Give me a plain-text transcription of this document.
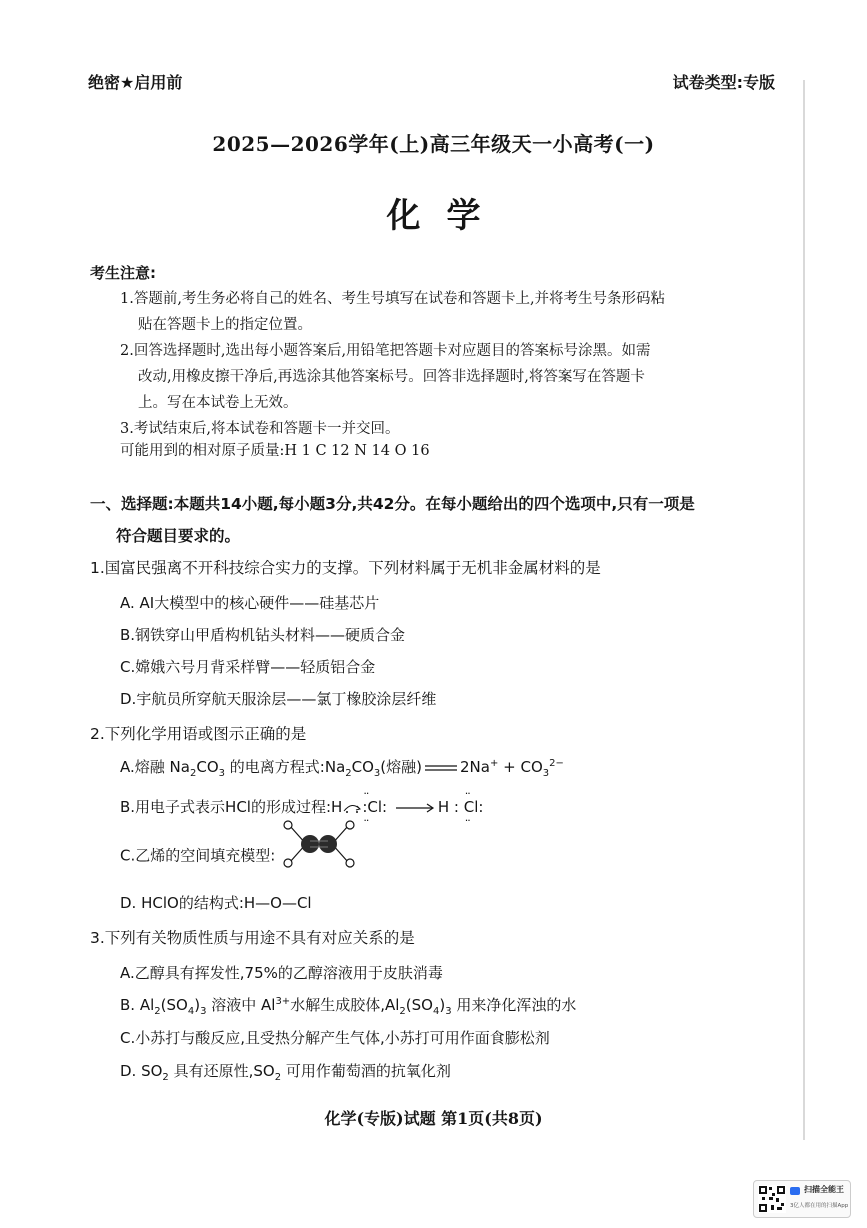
绝密★启用前	试卷类型:专版
2025—2026学年(上)高三年级天一小高考(一)
化学
考生注意:
1.答题前,考生务必将自己的姓名、考生号填写在试卷和答题卡上,并将考生号条形码粘
贴在答题卡上的指定位置。
2.回答选择题时,选出每小题答案后,用铅笔把答题卡对应题目的答案标号涂黑。如需
改动,用橡皮擦干净后,再选涂其他答案标号。回答非选择题时,将答案写在答题卡
上。写在本试卷上无效。
3.考试结束后,将本试卷和答题卡一并交回。
可能用到的相对原子质量:H 1 C 12 N 14 O 16
一、选择题:本题共14小题,每小题3分,共42分。在每小题给出的四个选项中,只有一项是
符合题目要求的。
1.国富民强离不开科技综合实力的支撑。下列材料属于无机非金属材料的是
A. AI大模型中的核心硬件——硅基芯片
B.钢铁穿山甲盾构机钻头材料——硬质合金
C.嫦娥六号月背采样臂——轻质铝合金
D.宇航员所穿航天服涂层——氯丁橡胶涂层纤维
2.下列化学用语或图示正确的是
A.熔融 $Na_2CO_3$ 的电离方程式$:Na_2CO_3$(熔融)	$2Na^+ + CO_3^{2-}$
B.用电子式表示HCl的形成过程:H ·· :Cl: ·· → H : ·· Cl: ··
C.乙烯的空间填充模型:
D. HClO的结构式:H—O—Cl
3.下列有关物质性质与用途不具有对应关系的是
A.乙醇具有挥发性,75%的乙醇溶液用于皮肤消毒
B. $Al_2(SO_4)_3$ 溶液中 $Al^{3+}$水解生成胶体$,Al_2(SO_4)_3$ 用来净化浑浊的水
C.小苏打与酸反应,且受热分解产生气体,小苏打可用作面食膨松剂
D. $SO_2$ 具有还原性$,SO_2$ 可用作葡萄酒的抗氧化剂
化学(专版)试题 第1页(共8页)
扫描全能王
3亿人都在用的扫描App
